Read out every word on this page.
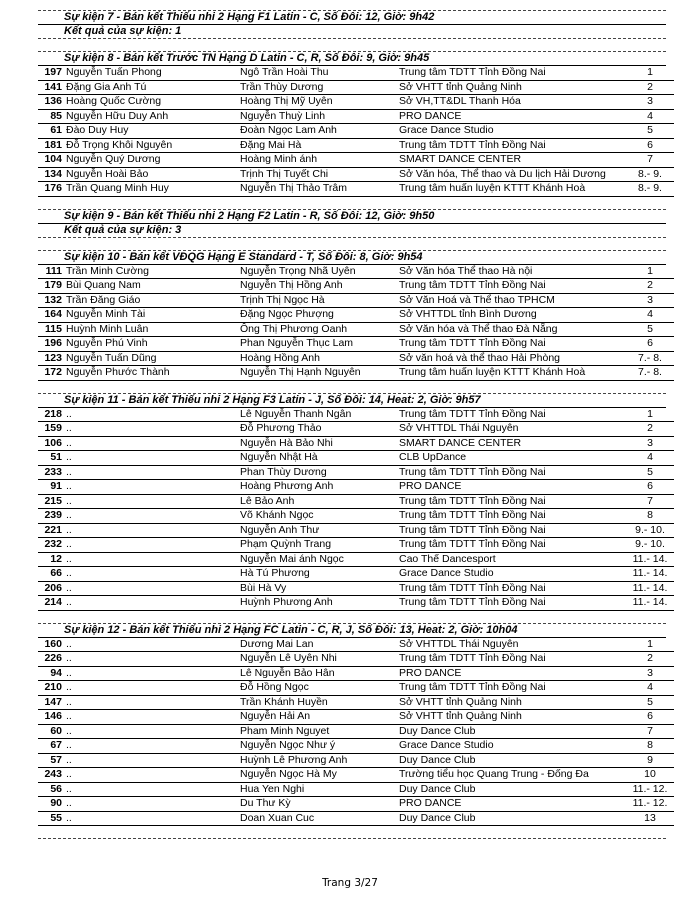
Sự kiện 7 - Bán kết Thiếu nhi 2 Hạng F1 Latin - C, Số Đôi: 12, Giờ: 9h42
Kết quả của sự kiện: 1
Sự kiện 8 - Bán kết Trước TN Hạng D Latin - C, R, Số Đôi: 9, Giờ: 9h45
197	Nguyễn Tuấn Phong	Ngô Trần Hoài Thu	Trung tâm TDTT Tỉnh Đồng Nai	1
141	Đặng Gia Anh Tú	Trần Thùy Dương	Sở VHTT tỉnh Quảng Ninh	2
136	Hoàng Quốc Cường	Hoàng Thị Mỹ Uyên	Sở VH,TT&DL Thanh Hóa	3
85	Nguyễn Hữu Duy Anh	Nguyễn Thuỳ Linh	PRO DANCE	4
61	Đào Duy Huy	Đoàn Ngọc Lam Anh	Grace Dance Studio	5
181	Đỗ Trọng Khôi Nguyên	Đặng Mai Hà	Trung tâm TDTT Tỉnh Đồng Nai	6
104	Nguyễn Quý Dương	Hoàng Minh ánh	SMART DANCE CENTER	7
134	Nguyễn Hoài Bảo	Trịnh Thị Tuyết Chi	Sở Văn hóa, Thể thao và Du lịch Hải Dương	8.- 9.
176	Trần Quang Minh Huy	Nguyễn Thị Thảo Trâm	Trung tâm huấn luyện KTTT Khánh Hoà	8.- 9.
Sự kiện 9 - Bán kết Thiếu nhi 2 Hạng F2 Latin - R, Số Đôi: 12, Giờ: 9h50
Kết quả của sự kiện: 3
Sự kiện 10 - Bán kết VĐQG Hạng E Standard - T, Số Đôi: 8, Giờ: 9h54
111	Trần Minh Cường	Nguyễn Trọng Nhã Uyên	Sở Văn hóa Thể thao Hà nội	1
179	Bùi Quang Nam	Nguyễn Thị Hồng Anh	Trung tâm TDTT Tỉnh Đồng Nai	2
132	Trần Đăng Giáo	Trịnh Thị Ngọc Hà	Sở Văn Hoá và Thể thao TPHCM	3
164	Nguyễn Minh Tài	Đặng Ngọc Phượng	Sở VHTTDL tỉnh Bình Dương	4
115	Huỳnh Minh Luân	Ông Thị Phương Oanh	Sở Văn hóa và Thể thao Đà Nẵng	5
196	Nguyễn Phú Vinh	Phan Nguyễn Thục Lam	Trung tâm TDTT Tỉnh Đồng Nai	6
123	Nguyễn Tuấn Dũng	Hoàng Hồng Anh	Sở văn hoá và thể thao Hải Phòng	7.- 8.
172	Nguyễn Phước Thành	Nguyễn Thị Hạnh Nguyên	Trung tâm huấn luyện KTTT Khánh Hoà	7.- 8.
Sự kiện 11 - Bán kết Thiếu nhi 2 Hạng F3 Latin - J, Số Đôi: 14, Heat: 2, Giờ: 9h57
218	..	Lê Nguyễn Thanh Ngân	Trung tâm TDTT Tỉnh Đồng Nai	1
159	..	Đỗ Phương Thảo	Sở VHTTDL Thái Nguyên	2
106	..	Nguyễn Hà Bảo Nhi	SMART DANCE CENTER	3
51	..	Nguyễn Nhật Hà	CLB UpDance	4
233	..	Phan Thùy Dương	Trung tâm TDTT Tỉnh Đồng Nai	5
91	..	Hoàng Phương Anh	PRO DANCE	6
215	..	Lê Bảo Anh	Trung tâm TDTT Tỉnh Đồng Nai	7
239	..	Võ Khánh Ngọc	Trung tâm TDTT Tỉnh Đồng Nai	8
221	..	Nguyễn Anh Thư	Trung tâm TDTT Tỉnh Đồng Nai	9.- 10.
232	..	Phạm Quỳnh Trang	Trung tâm TDTT Tỉnh Đồng Nai	9.- 10.
12	..	Nguyễn Mai ánh Ngọc	Cao Thế Dancesport	11.- 14.
66	..	Hà Tú Phương	Grace Dance Studio	11.- 14.
206	..	Bùi Hà Vy	Trung tâm TDTT Tỉnh Đồng Nai	11.- 14.
214	..	Huỳnh Phương Anh	Trung tâm TDTT Tỉnh Đồng Nai	11.- 14.
Sự kiện 12 - Bán kết Thiếu nhi 2 Hạng FC Latin - C, R, J, Số Đôi: 13, Heat: 2, Giờ: 10h04
160	..	Dương Mai Lan	Sở VHTTDL Thái Nguyên	1
226	..	Nguyễn Lê Uyên Nhi	Trung tâm TDTT Tỉnh Đồng Nai	2
94	..	Lê Nguyễn Bảo Hân	PRO DANCE	3
210	..	Đỗ Hồng Ngọc	Trung tâm TDTT Tỉnh Đồng Nai	4
147	..	Trần Khánh Huyền	Sở VHTT tỉnh Quảng Ninh	5
146	..	Nguyễn Hải An	Sở VHTT tỉnh Quảng Ninh	6
60	..	Pham Minh Nguyet	Duy Dance Club	7
67	..	Nguyễn Ngọc Như ý	Grace Dance Studio	8
57	..	Huỳnh Lê Phương Anh	Duy Dance Club	9
243	..	Nguyễn Ngọc Hà My	Trường tiểu học Quang Trung - Đống Đa	10
56	..	Hua Yen Nghi	Duy Dance Club	11.- 12.
90	..	Du Thư Kỳ	PRO DANCE	11.- 12.
55	..	Doan Xuan Cuc	Duy Dance Club	13
Trang 3/27
